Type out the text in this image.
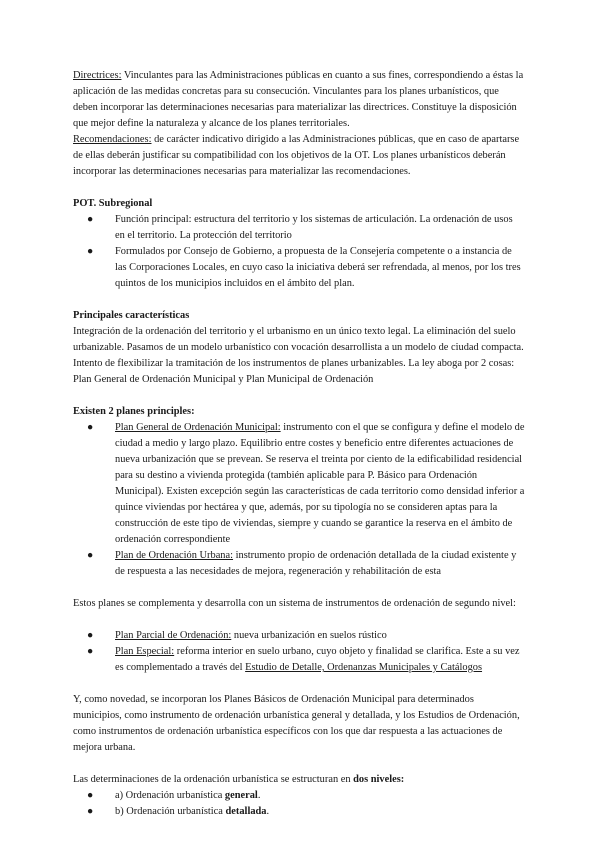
Directrices: Vinculantes para las Administraciones públicas en cuanto a sus fines, correspondiendo a éstas la aplicación de las medidas concretas para su consecución. Vinculantes para los planes urbanísticos, que deben incorporar las determinaciones necesarias para materializar las directrices. Constituye la disposición que mejor define la naturaleza y alcance de los planes territoriales.

Recomendaciones: de carácter indicativo dirigido a las Administraciones públicas, que en caso de apartarse de ellas deberán justificar su compatibilidad con los objetivos de la OT. Los planes urbanísticos deberán incorporar las determinaciones necesarias para materializar las recomendaciones.

POT. Subregional

● Función principal: estructura del territorio y los sistemas de articulación. La ordenación de usos en el territorio. La protección del territorio
● Formulados por Consejo de Gobierno, a propuesta de la Consejería competente o a instancia de las Corporaciones Locales, en cuyo caso la iniciativa deberá ser refrendada, al menos, por los tres quintos de los municipios incluidos en el ámbito del plan.

Principales características

Integración de la ordenación del territorio y el urbanismo en un único texto legal. La eliminación del suelo urbanizable. Pasamos de un modelo urbanístico con vocación desarrollista a un modelo de ciudad compacta. Intento de flexibilizar la tramitación de los instrumentos de planes urbanizables. La ley aboga por 2 cosas: Plan General de Ordenación Municipal y Plan Municipal de Ordenación

Existen 2 planes principles:

● Plan General de Ordenación Municipal: instrumento con el que se configura y define el modelo de ciudad a medio y largo plazo. Equilibrio entre costes y beneficio entre diferentes actuaciones de nueva urbanización que se prevean. Se reserva el treinta por ciento de la edificabilidad residencial para su destino a vivienda protegida (también aplicable para P. Básico para Ordenación Municipal). Existen excepción según las características de cada territorio como densidad inferior a quince viviendas por hectárea y que, además, por su tipología no se consideren aptas para la construcción de este tipo de viviendas, siempre y cuando se garantice la reserva en el ámbito de ordenación correspondiente
● Plan de Ordenación Urbana: instrumento propio de ordenación detallada de la ciudad existente y de respuesta a las necesidades de mejora, regeneración y rehabilitación de esta

Estos planes se complementa y desarrolla con un sistema de instrumentos de ordenación de segundo nivel:

● Plan Parcial de Ordenación: nueva urbanización en suelos rústico
● Plan Especial: reforma interior en suelo urbano, cuyo objeto y finalidad se clarifica. Este a su vez es complementado a través del Estudio de Detalle, Ordenanzas Municipales y Catálogos

Y, como novedad, se incorporan los Planes Básicos de Ordenación Municipal para determinados municipios, como instrumento de ordenación urbanística general y detallada, y los Estudios de Ordenación, como instrumentos de ordenación urbanística específicos con los que dar respuesta a las actuaciones de mejora urbana.

Las determinaciones de la ordenación urbanística se estructuran en dos niveles:

● a) Ordenación urbanística general.
● b) Ordenación urbanística detallada.
